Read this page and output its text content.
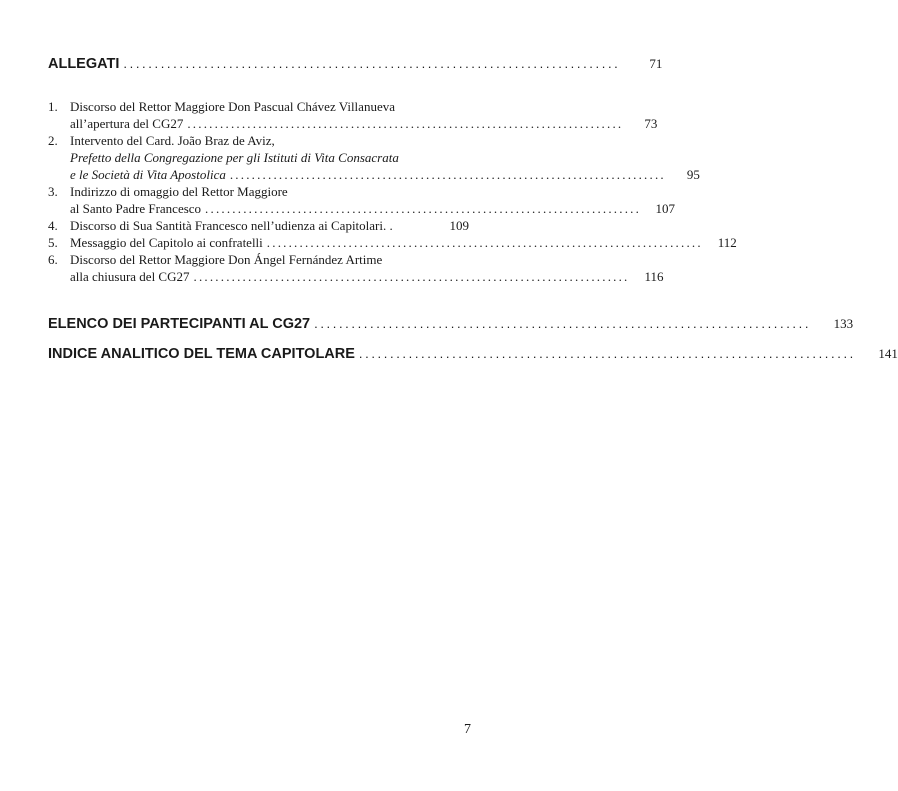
ALLEGATI ................................................................................	71
1. Discorso del Rettor Maggiore Don Pascual Chávez Villanueva
all’apertura del CG27 ................................................................................	73
2. Intervento del Card. João Braz de Aviz,
Prefetto della Congregazione per gli Istituti di Vita Consacrata
e le Società di Vita Apostolica ................................................................................	95
3. Indirizzo di omaggio del Rettor Maggiore
al Santo Padre Francesco ................................................................................	107
4. Discorso di Sua Santità Francesco nell’udienza ai Capitolari. .	109
5. Messaggio del Capitolo ai confratelli ................................................................................	112
6. Discorso del Rettor Maggiore Don Ángel Fernández Artime
alla chiusura del CG27 ................................................................................	116
ELENCO DEI PARTECIPANTI AL CG27 ................................................................................	133
INDICE ANALITICO DEL TEMA CAPITOLARE ................................................................................	141
7
